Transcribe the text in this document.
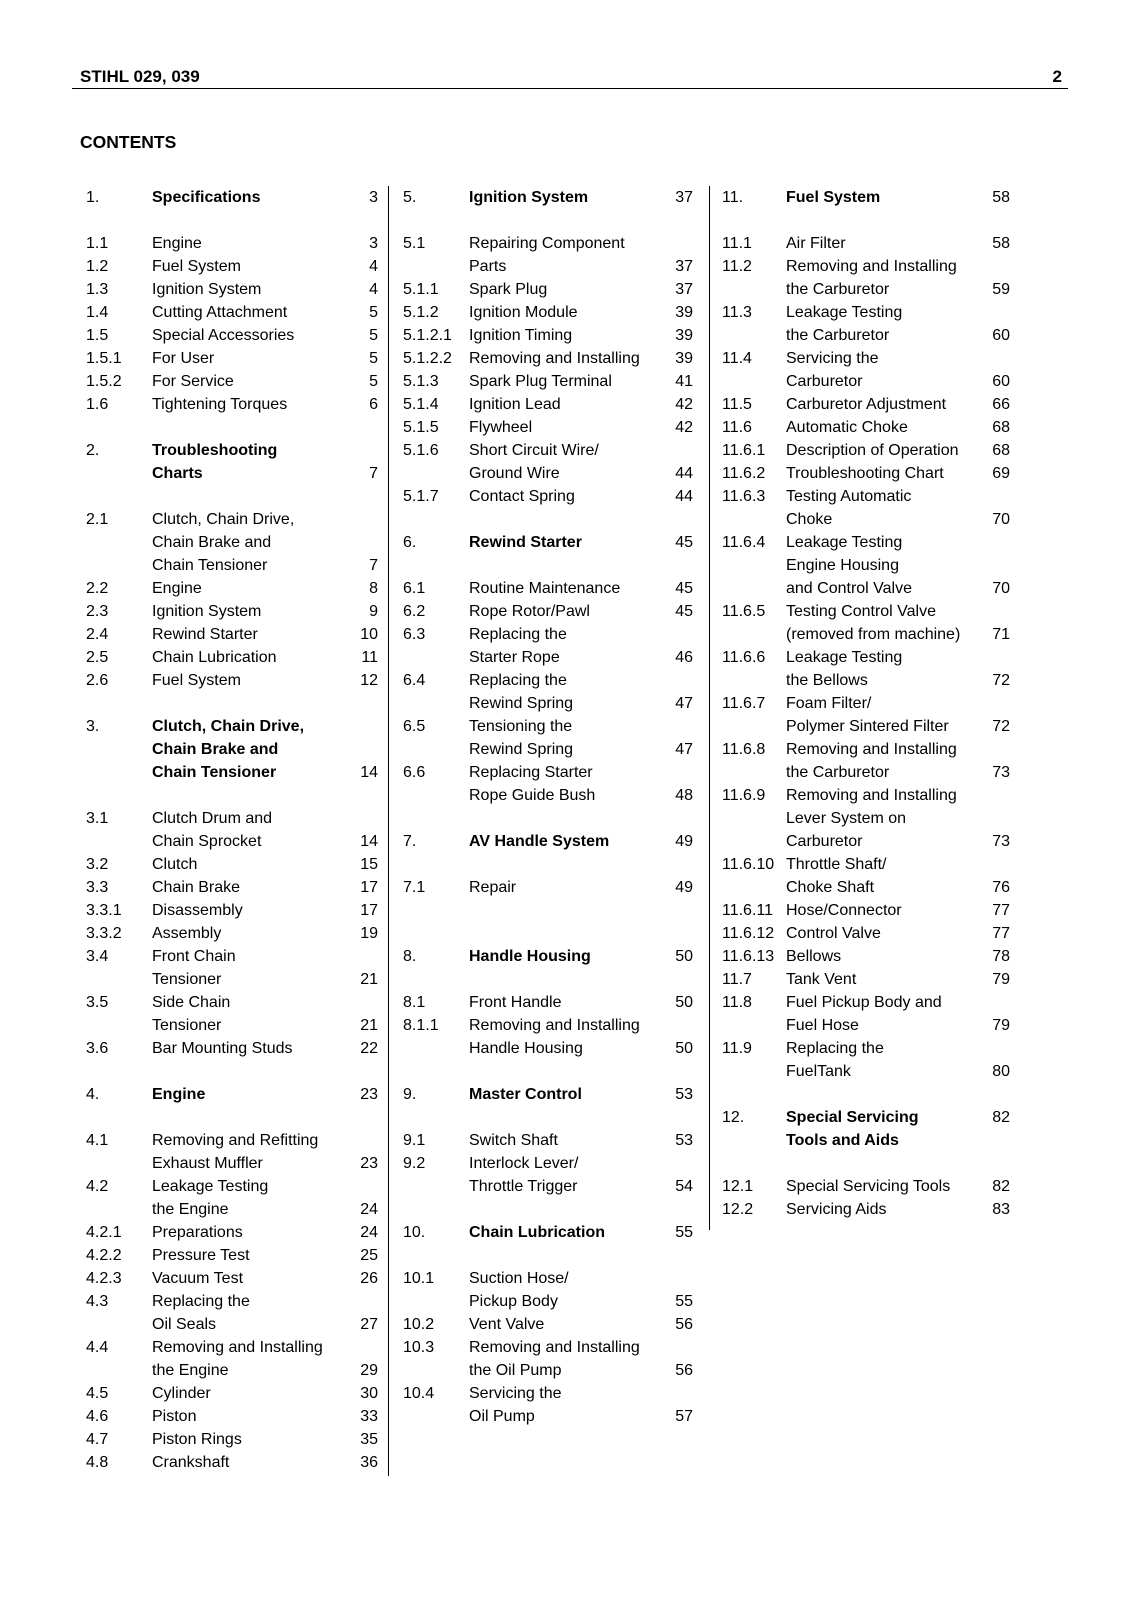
STIHL 029, 039	2
CONTENTS
1.	Specifications	3
1.1	Engine	3
1.2	Fuel System	4
1.3	Ignition System	4
1.4	Cutting Attachment	5
1.5	Special Accessories	5
1.5.1 For User	5
1.5.2 For Service	5
1.6	Tightening Torques	6
2.	Troubleshooting
Charts	7
2.1	Clutch, Chain Drive,
Chain Brake and
Chain Tensioner	7
2.2	Engine	8
2.3	Ignition System	9
2.4	Rewind Starter	10
2.5	Chain Lubrication	11
2.6	Fuel System	12
3.	Clutch, Chain Drive,
Chain Brake and
Chain Tensioner	14
3.1	Clutch Drum and
Chain Sprocket	14
3.2	Clutch	15
3.3	Chain Brake	17
3.3.1 Disassembly	17
3.3.2 Assembly	19
3.4	Front Chain
Tensioner	21
3.5	Side Chain
Tensioner	21
3.6	Bar Mounting Studs	22
4.	Engine	23
4.1	Removing and Refitting
Exhaust Muffler	23
4.2	Leakage Testing
the Engine	24
4.2.1 Preparations	24
4.2.2 Pressure Test	25
4.2.3 Vacuum Test	26
4.3	Replacing the
Oil Seals	27
4.4	Removing and Installing
the Engine	29
4.5	Cylinder	30
4.6	Piston	33
4.7	Piston Rings	35
4.8	Crankshaft	36
5.	Ignition System	37
5.1	Repairing Component
Parts	37
5.1.1 Spark Plug	37
5.1.2 Ignition Module	39
5.1.2.1 Ignition Timing	39
5.1.2.2 Removing and Installing 39
5.1.3 Spark Plug Terminal	41
5.1.4 Ignition Lead	42
5.1.5 Flywheel	42
5.1.6 Short Circuit Wire/
Ground Wire	44
5.1.7 Contact Spring	44
6.	Rewind Starter	45
6.1	Routine Maintenance	45
6.2	Rope Rotor/Pawl	45
6.3	Replacing the
Starter Rope	46
6.4	Replacing the
Rewind Spring	47
6.5	Tensioning the
Rewind Spring	47
6.6	Replacing Starter
Rope Guide Bush	48
7.	AV Handle System	49
7.1	Repair	49
8.	Handle Housing	50
8.1	Front Handle	50
8.1.1 Removing and Installing
Handle Housing	50
9.	Master Control	53
9.1	Switch Shaft	53
9.2	Interlock Lever/
Throttle Trigger	54
10.	Chain Lubrication	55
10.1 Suction Hose/
Pickup Body	55
10.2 Vent Valve	56
10.3 Removing and Installing
the Oil Pump	56
10.4 Servicing the
Oil Pump	57
11.	Fuel System	58
11.1 Air Filter	58
11.2 Removing and Installing
the Carburetor	59
11.3 Leakage Testing
the Carburetor	60
11.4 Servicing the
Carburetor	60
11.5 Carburetor Adjustment	66
11.6 Automatic Choke	68
11.6.1 Description of Operation 68
11.6.2 Troubleshooting Chart	69
11.6.3 Testing Automatic
Choke	70
11.6.4 Leakage Testing
Engine Housing
and Control Valve	70
11.6.5 Testing Control Valve
(removed from machine) 71
11.6.6 Leakage Testing
the Bellows	72
11.6.7 Foam Filter/
Polymer Sintered Filter	72
11.6.8 Removing and Installing
the Carburetor	73
11.6.9 Removing and Installing
Lever System on
Carburetor	73
11.6.10 Throttle Shaft/
Choke Shaft	76
11.6.11 Hose/Connector	77
11.6.12 Control Valve	77
11.6.13 Bellows	78
11.7 Tank Vent	79
11.8 Fuel Pickup Body and
Fuel Hose	79
11.9 Replacing the
FuelTank	80
12.	Special Servicing	82
Tools and Aids
12.1 Special Servicing Tools	82
12.2 Servicing Aids	83
